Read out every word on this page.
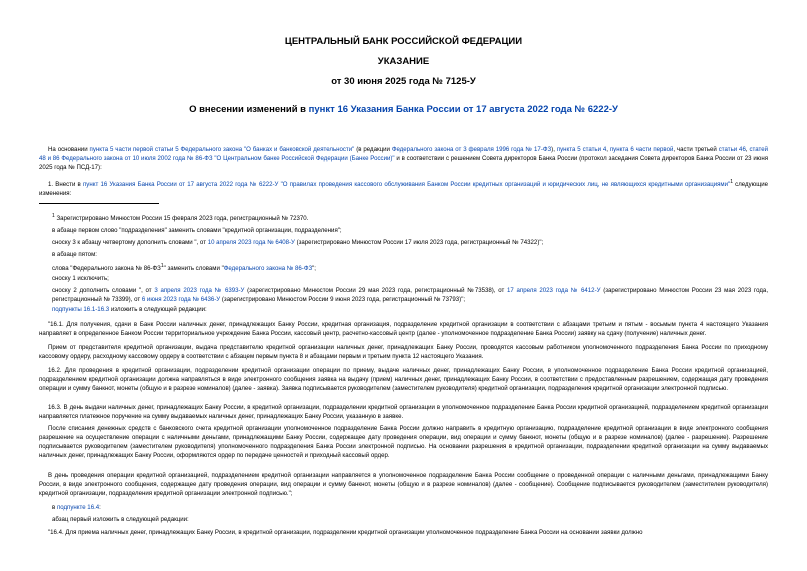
ЦЕНТРАЛЬНЫЙ БАНК РОССИЙСКОЙ ФЕДЕРАЦИИ
УКАЗАНИЕ
от 30 июня 2025 года № 7125-У
О внесении изменений в пункт 16 Указания Банка России от 17 августа 2022 года № 6222-У
На основании пункта 5 части первой статьи 5 Федерального закона "О банках и банковской деятельности" (в редакции Федерального закона от 3 февраля 1996 года № 17-ФЗ), пункта 5 статьи 4, пункта 6 части первой, части третьей статьи 46, статей 48 и 86 Федерального закона от 10 июля 2002 года № 86-ФЗ "О Центральном банке Российской Федерации (Банке России)" и в соответствии с решением Совета директоров Банка России (протокол заседания Совета директоров Банка России от 23 июня 2025 года № ПСД-17):
1. Внести в пункт 16 Указания Банка России от 17 августа 2022 года № 6222-У "О правилах проведения кассового обслуживания Банком России кредитных организаций и юридических лиц, не являющихся кредитными организациями"$^1$ следующие изменения:
$^1$ Зарегистрировано Минюстом России 15 февраля 2023 года, регистрационный № 72370.
в абзаце первом слово "подразделения" заменить словами "кредитной организации, подразделения";
сноску 3 к абзацу четвертому дополнить словами ", от 10 апреля 2023 года № 6408-У (зарегистрировано Минюстом России 17 июля 2023 года, регистрационный № 74322)";
в абзаце пятом:
слова "Федерального закона № $86-ФЗ^1$" заменить словами "Федерального закона № 86-ФЗ";
сноску 1 исключить;
сноску 2 дополнить словами ", от 3 апреля 2023 года № 6393-У (зарегистрировано Минюстом России 29 мая 2023 года, регистрационный №73538), от 17 апреля 2023 года № 6412-У (зарегистрировано Минюстом России 23 мая 2023 года, регистрационный № 73399), от 6 июня 2023 года № 6436-У (зарегистрировано Минюстом России 9 июня 2023 года, регистрационный № 73793)";
подпункты 16.1-16.3 изложить в следующей редакции:
"16.1. Для получения, сдачи в Банк России наличных денег, принадлежащих Банку России, кредитная организация, подразделение кредитной организации в соответствии с абзацами третьим и пятым - восьмым пункта 4 настоящего Указания направляет в определенное Банком России территориальное учреждение Банка России, кассовый центр, расчетно-кассовый центр (далее - уполномоченное подразделение Банка России) заявку на сдачу (получение) наличных денег.
Прием от представителя кредитной организации, выдача представителю кредитной организации наличных денег, принадлежащих Банку России, проводятся кассовым работником уполномоченного подразделения Банка России по приходному кассовому ордеру, расходному кассовому ордеру в соответствии с абзацем первым пункта 8 и абзацами первым и третьим пункта 12 настоящего Указания.
16.2. Для проведения в кредитной организации, подразделении кредитной организации операции по приему, выдаче наличных денег, принадлежащих Банку России, в уполномоченное подразделение Банка России кредитной организацией, подразделением кредитной организации должна направляться в виде электронного сообщения заявка на выдачу (прием) наличных денег, принадлежащих Банку России, в соответствии с предоставленным разрешением, содержащая дату проведения операции и сумму банкнот, монеты (общую и в разрезе номиналов) (далее - заявка). Заявка подписывается руководителем (заместителем руководителя) кредитной организации, подразделения кредитной организации электронной подписью.
16.3. В день выдачи наличных денег, принадлежащих Банку России, в кредитной организации, подразделении кредитной организации в уполномоченное подразделение Банка России кредитной организацией, подразделением кредитной организации направляется платежное поручение на сумму выдаваемых наличных денег, принадлежащих Банку России, указанную в заявке.
После списания денежных средств с банковского счета кредитной организации уполномоченное подразделение Банка России должно направить в кредитную организацию, подразделение кредитной организации в виде электронного сообщения разрешение на осуществление операции с наличными деньгами, принадлежащими Банку России, содержащее дату проведения операции, вид операции и сумму банкнот, монеты (общую и в разрезе номиналов) (далее - разрешение). Разрешение подписывается руководителем (заместителем руководителя) уполномоченного подразделения Банка России электронной подписью. На основании разрешения в кредитной организации, подразделении кредитной организации на сумму выдаваемых наличных денег, принадлежащих Банку России, оформляются ордер по передаче ценностей и приходный кассовый ордер.
В день проведения операции кредитной организацией, подразделением кредитной организации направляется в уполномоченное подразделение Банка России сообщение о проведенной операции с наличными деньгами, принадлежащими Банку России, в виде электронного сообщения, содержащее дату проведения операции, вид операции и сумму банкнот, монеты (общую и в разрезе номиналов) (далее - сообщение). Сообщение подписывается руководителем (заместителем руководителя) кредитной организации, подразделения кредитной организации электронной подписью.";
в подпункте 16.4:
абзац первый изложить в следующей редакции:
"16.4. Для приема наличных денег, принадлежащих Банку России, в кредитной организации, подразделении кредитной организации уполномоченное подразделение Банка России на основании заявки должно
